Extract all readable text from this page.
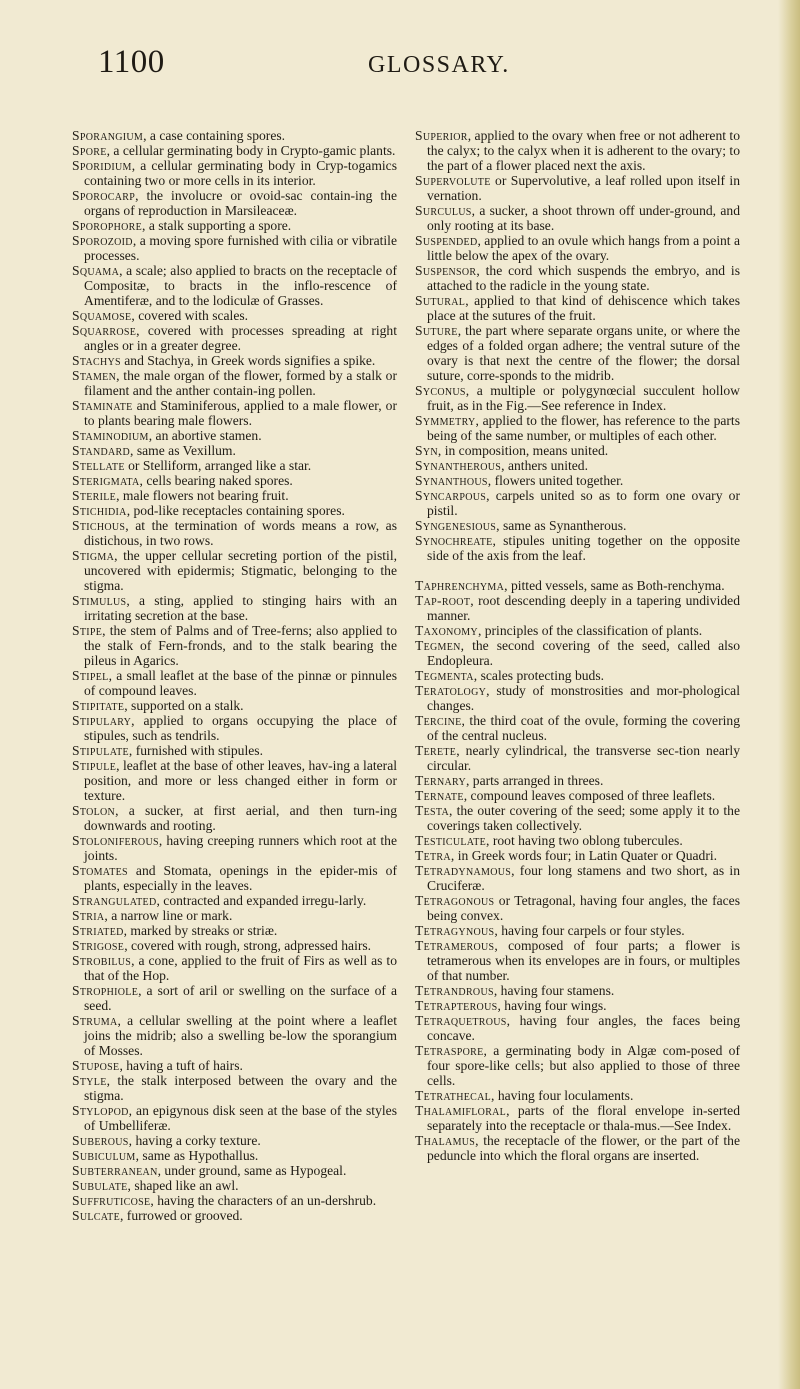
1100	GLOSSARY.

Sporangium, a case containing spores.

Spore, a cellular germinating body in Crypto-gamic plants.

Sporidium, a cellular germinating body in Cryp-togamics containing two or more cells in its interior.

Sporocarp, the involucre or ovoid-sac contain-ing the organs of reproduction in Marsileaceæ.

Sporophore, a stalk supporting a spore.

Sporozoid, a moving spore furnished with cilia or vibratile processes.

Squama, a scale; also applied to bracts on the receptacle of Compositæ, to bracts in the inflo-rescence of Amentiferæ, and to the lodiculæ of Grasses.

Squamose, covered with scales.

Squarrose, covered with processes spreading at right angles or in a greater degree.

Stachys and Stachya, in Greek words signifies a spike.

Stamen, the male organ of the flower, formed by a stalk or filament and the anther contain-ing pollen.

Staminate and Staminiferous, applied to a male flower, or to plants bearing male flowers.

Staminodium, an abortive stamen.

Standard, same as Vexillum.

Stellate or Stelliform, arranged like a star.

Sterigmata, cells bearing naked spores.

Sterile, male flowers not bearing fruit.

Stichidia, pod-like receptacles containing spores.

Stichous, at the termination of words means a row, as distichous, in two rows.

Stigma, the upper cellular secreting portion of the pistil, uncovered with epidermis; Stigmatic, belonging to the stigma.

Stimulus, a sting, applied to stinging hairs with an irritating secretion at the base.

Stipe, the stem of Palms and of Tree-ferns; also applied to the stalk of Fern-fronds, and to the stalk bearing the pileus in Agarics.

Stipel, a small leaflet at the base of the pinnæ or pinnules of compound leaves.

Stipitate, supported on a stalk.

Stipulary, applied to organs occupying the place of stipules, such as tendrils.

Stipulate, furnished with stipules.

Stipule, leaflet at the base of other leaves, hav-ing a lateral position, and more or less changed either in form or texture.

Stolon, a sucker, at first aerial, and then turn-ing downwards and rooting.

Stoloniferous, having creeping runners which root at the joints.

Stomates and Stomata, openings in the epider-mis of plants, especially in the leaves.

Strangulated, contracted and expanded irregu-larly.

Stria, a narrow line or mark.

Striated, marked by streaks or striæ.

Strigose, covered with rough, strong, adpressed hairs.

Strobilus, a cone, applied to the fruit of Firs as well as to that of the Hop.

Strophiole, a sort of aril or swelling on the surface of a seed.

Struma, a cellular swelling at the point where a leaflet joins the midrib; also a swelling be-low the sporangium of Mosses.

Stupose, having a tuft of hairs.

Style, the stalk interposed between the ovary and the stigma.

Stylopod, an epigynous disk seen at the base of the styles of Umbelliferæ.

Suberous, having a corky texture.

Subiculum, same as Hypothallus.

Subterranean, under ground, same as Hypogeal.

Subulate, shaped like an awl.

Suffruticose, having the characters of an un-dershrub.

Sulcate, furrowed or grooved.

Superior, applied to the ovary when free or not adherent to the calyx; to the calyx when it is adherent to the ovary; to the part of a flower placed next the axis.

Supervolute or Supervolutive, a leaf rolled upon itself in vernation.

Surculus, a sucker, a shoot thrown off under-ground, and only rooting at its base.

Suspended, applied to an ovule which hangs from a point a little below the apex of the ovary.

Suspensor, the cord which suspends the embryo, and is attached to the radicle in the young state.

Sutural, applied to that kind of dehiscence which takes place at the sutures of the fruit.

Suture, the part where separate organs unite, or where the edges of a folded organ adhere; the ventral suture of the ovary is that next the centre of the flower; the dorsal suture, corre-sponds to the midrib.

Syconus, a multiple or polygynœcial succulent hollow fruit, as in the Fig.—See reference in Index.

Symmetry, applied to the flower, has reference to the parts being of the same number, or multiples of each other.

Syn, in composition, means united.

Synantherous, anthers united.

Synanthous, flowers united together.

Syncarpous, carpels united so as to form one ovary or pistil.

Syngenesious, same as Synantherous.

Synochreate, stipules uniting together on the opposite side of the axis from the leaf.

Taphrenchyma, pitted vessels, same as Both-renchyma.

Tap-root, root descending deeply in a tapering undivided manner.

Taxonomy, principles of the classification of plants.

Tegmen, the second covering of the seed, called also Endopleura.

Tegmenta, scales protecting buds.

Teratology, study of monstrosities and mor-phological changes.

Tercine, the third coat of the ovule, forming the covering of the central nucleus.

Terete, nearly cylindrical, the transverse sec-tion nearly circular.

Ternary, parts arranged in threes.

Ternate, compound leaves composed of three leaflets.

Testa, the outer covering of the seed; some apply it to the coverings taken collectively.

Testiculate, root having two oblong tubercules.

Tetra, in Greek words four; in Latin Quater or Quadri.

Tetradynamous, four long stamens and two short, as in Cruciferæ.

Tetragonous or Tetragonal, having four angles, the faces being convex.

Tetragynous, having four carpels or four styles.

Tetramerous, composed of four parts; a flower is tetramerous when its envelopes are in fours, or multiples of that number.

Tetrandrous, having four stamens.

Tetrapterous, having four wings.

Tetraquetrous, having four angles, the faces being concave.

Tetraspore, a germinating body in Algæ com-posed of four spore-like cells; but also applied to those of three cells.

Tetrathecal, having four loculaments.

Thalamifloral, parts of the floral envelope in-serted separately into the receptacle or thala-mus.—See Index.

Thalamus, the receptacle of the flower, or the part of the peduncle into which the floral organs are inserted.
